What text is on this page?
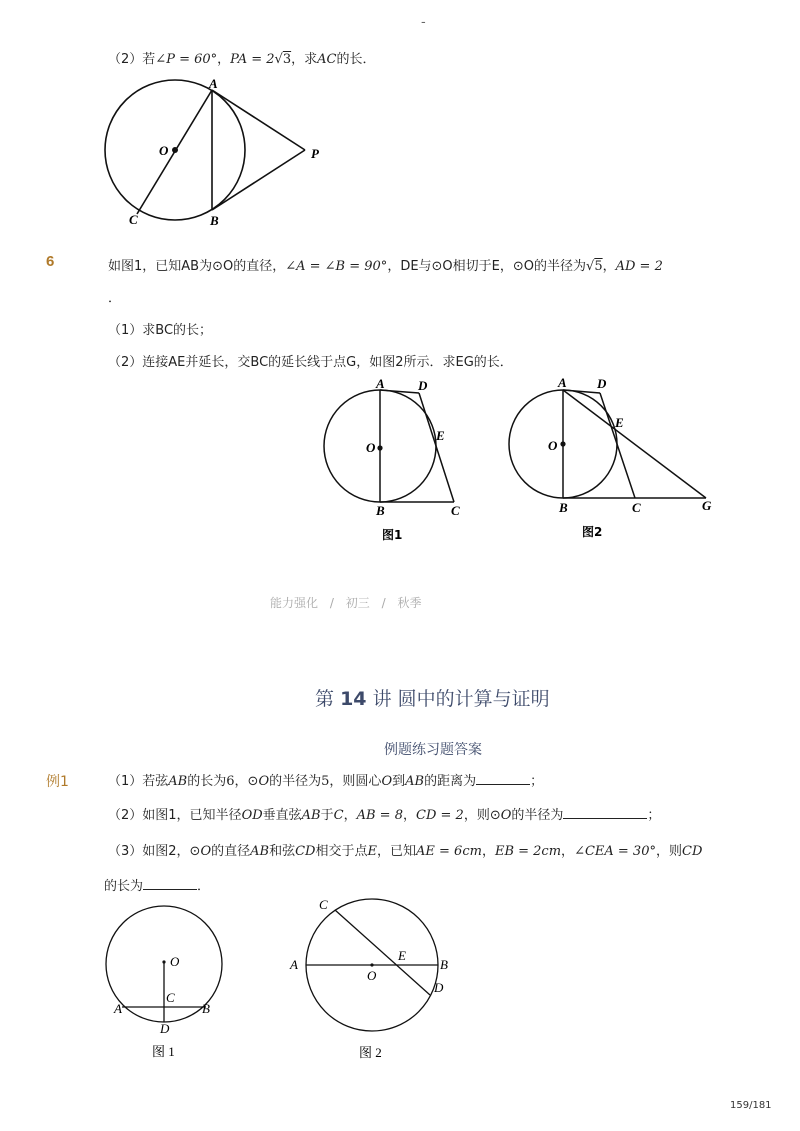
-
（2）若∠P = 60°，PA = 2√3，求AC的长．
A
O	P
C	B
6	如图1，已知AB为⊙O的直径，∠A = ∠B = 90°，DE与⊙O相切于E，⊙O的半径为√5，AD = 2
．
（1）求BC的长；
（2）连接AE并延长，交BC的延长线于点G，如图2所示．求EG的长．
A	D
O
E
B	C
图1
A D
O
E
B	C	G
图2
能力强化 / 初三 / 秋季
第 14 讲 圆中的计算与证明
例题练习题答案
例1	（1）若弦AB的长为6，⊙O的半径为5，则圆心O到AB的距离为	；
（2）如图1，已知半径OD垂直弦AB于C，AB = 8，CD = 2，则⊙O的半径为	；
（3）如图2，⊙O的直径AB和弦CD相交于点E，已知AE = 6cm，EB = 2cm，∠CEA = 30°，则CD
的长为	．
O
A	B
C
D
图 1
C
A
O
E
B
D
图 2
159/181
